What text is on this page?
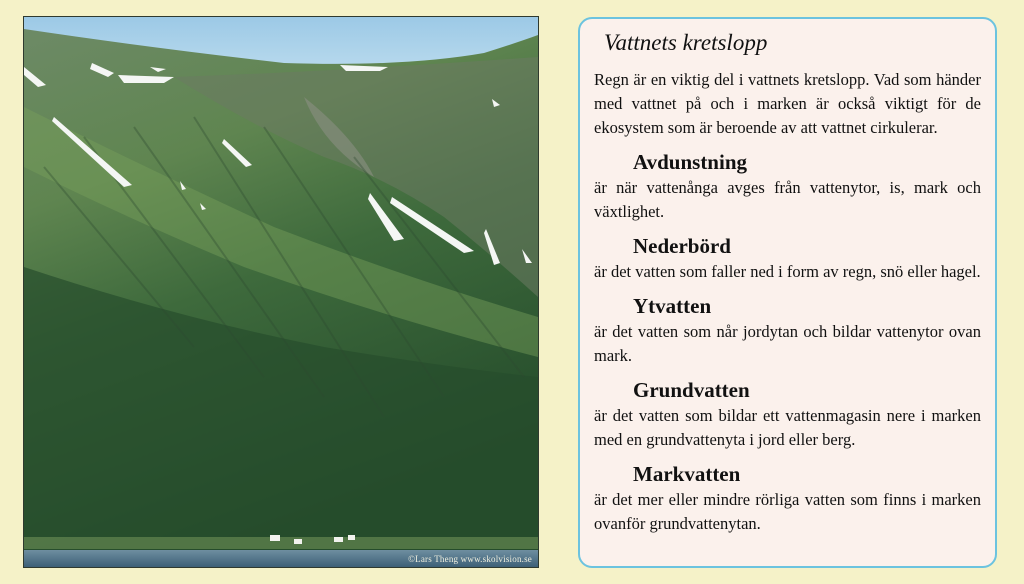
©Lars Theng www.skolvision.se
Vattnets kretslopp

Regn är en viktig del i vattnets kretslopp. Vad som händer med vattnet på och i marken är också viktigt för de ekosystem som är beroende av att vattnet cirkulerar.

Avdunstning

är när vattenånga avges från vattenytor, is, mark och växtlighet.

Nederbörd

är det vatten som faller ned i form av regn, snö eller hagel.

Ytvatten

är det vatten som når jordytan och bildar vattenytor ovan mark.

Grundvatten

är det vatten som bildar ett vattenmagasin nere i marken med en grundvattenyta i jord eller berg.

Markvatten

är det mer eller mindre rörliga vatten som finns i marken ovanför grundvattenytan.
